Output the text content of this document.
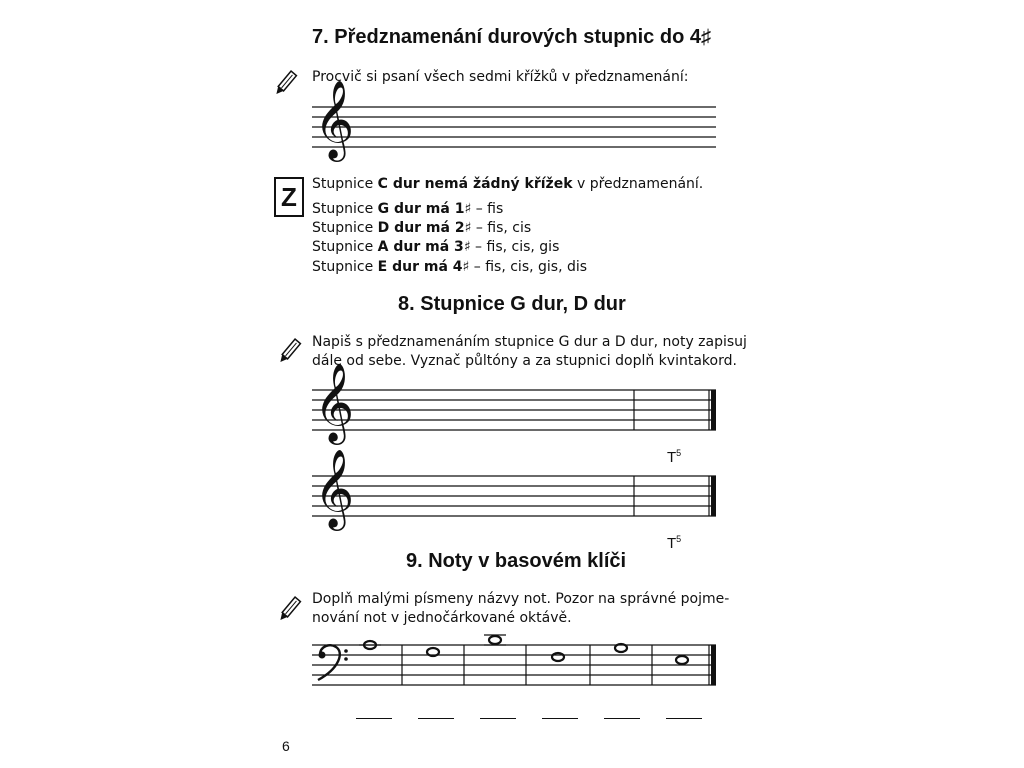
7. Předznamenání durových stupnic do 4♯
Procvič si psaní všech sedmi křížků v předznamenání:
𝄞
Z	Stupnice C dur nemá žádný křížek v předznamenání.
Stupnice G dur má 1♯ – fis
Stupnice D dur má 2♯ – fis, cis
Stupnice A dur má 3♯ – fis, cis, gis
Stupnice E dur má 4♯ – fis, cis, gis, dis
8. Stupnice G dur, D dur
Napiš s předznamenáním stupnice G dur a D dur, noty zapisuj
dále od sebe. Vyznač půltóny a za stupnici doplň kvintakord.
𝄞
$T^5$
𝄞
$T^5$
9. Noty v basovém klíči
Doplň malými písmeny názvy not. Pozor na správné pojme-
nování not v jednočárkované oktávě.
6
